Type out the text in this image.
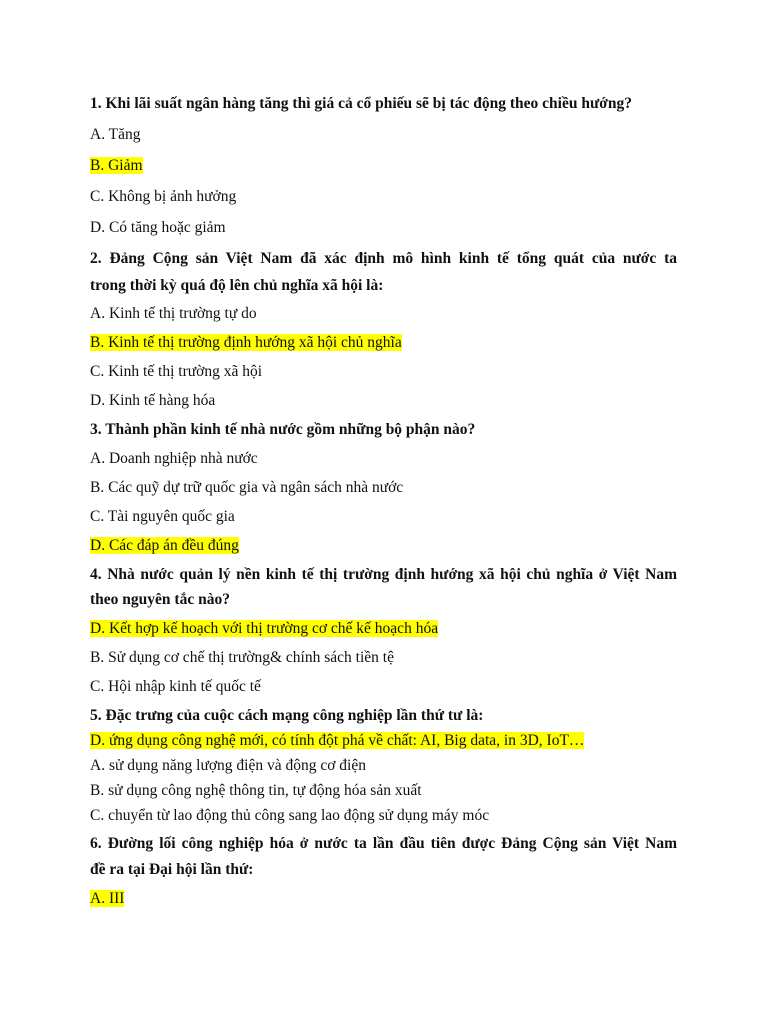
1. Khi lãi suất ngân hàng tăng thì giá cả cổ phiếu sẽ bị tác động theo chiều hướng?
A. Tăng
B. Giảm
C. Không bị ảnh hưởng
D. Có tăng hoặc giảm
2. Đảng Cộng sản Việt Nam đã xác định mô hình kinh tế tổng quát của nước ta
trong thời kỳ quá độ lên chủ nghĩa xã hội là:
A. Kinh tế thị trường tự do
B. Kinh tế thị trường định hướng xã hội chủ nghĩa
C. Kinh tế thị trường xã hội
D. Kinh tế hàng hóa
3. Thành phần kinh tế nhà nước gồm những bộ phận nào?
A. Doanh nghiệp nhà nước
B. Các quỹ dự trữ quốc gia và ngân sách nhà nước
C. Tài nguyên quốc gia
D. Các đáp án đều đúng
4. Nhà nước quản lý nền kinh tế thị trường định hướng xã hội chủ nghĩa ở Việt Nam
theo nguyên tắc nào?
D. Kết hợp kế hoạch với thị trường cơ chế kế hoạch hóa
B. Sử dụng cơ chế thị trường& chính sách tiền tệ
C. Hội nhập kinh tế quốc tế
5. Đặc trưng của cuộc cách mạng công nghiệp lần thứ tư là:
D. ứng dụng công nghệ mới, có tính đột phá về chất: AI, Big data, in 3D, IoT…
A. sử dụng năng lượng điện và động cơ điện
B. sử dụng công nghệ thông tin, tự động hóa sản xuất
C. chuyển từ lao động thủ công sang lao động sử dụng máy móc
6. Đường lối công nghiệp hóa ở nước ta lần đầu tiên được Đảng Cộng sản Việt Nam
đề ra tại Đại hội lần thứ:
A. III
